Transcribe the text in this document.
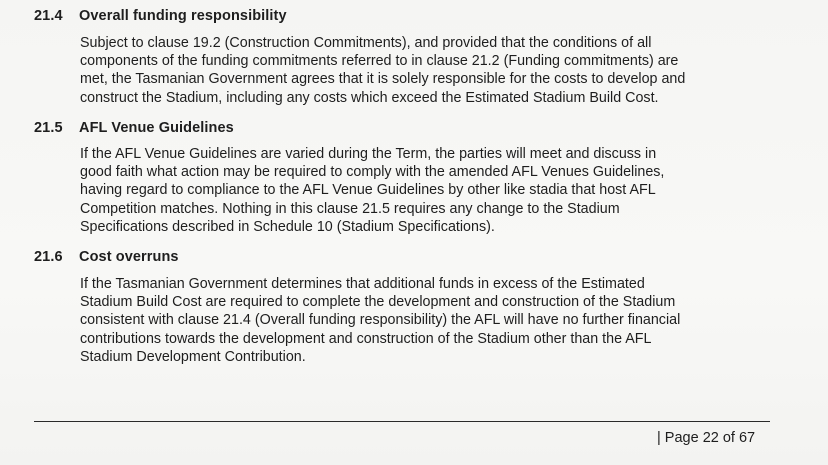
21.4 Overall funding responsibility
Subject to clause 19.2 (Construction Commitments), and provided that the conditions of all
components of the funding commitments referred to in clause 21.2 (Funding commitments) are
met, the Tasmanian Government agrees that it is solely responsible for the costs to develop and
construct the Stadium, including any costs which exceed the Estimated Stadium Build Cost.
21.5 AFL Venue Guidelines
If the AFL Venue Guidelines are varied during the Term, the parties will meet and discuss in
good faith what action may be required to comply with the amended AFL Venues Guidelines,
having regard to compliance to the AFL Venue Guidelines by other like stadia that host AFL
Competition matches. Nothing in this clause 21.5 requires any change to the Stadium
Specifications described in Schedule 10 (Stadium Specifications).
21.6 Cost overruns
If the Tasmanian Government determines that additional funds in excess of the Estimated
Stadium Build Cost are required to complete the development and construction of the Stadium
consistent with clause 21.4 (Overall funding responsibility) the AFL will have no further financial
contributions towards the development and construction of the Stadium other than the AFL
Stadium Development Contribution.
| Page 22 of 67
